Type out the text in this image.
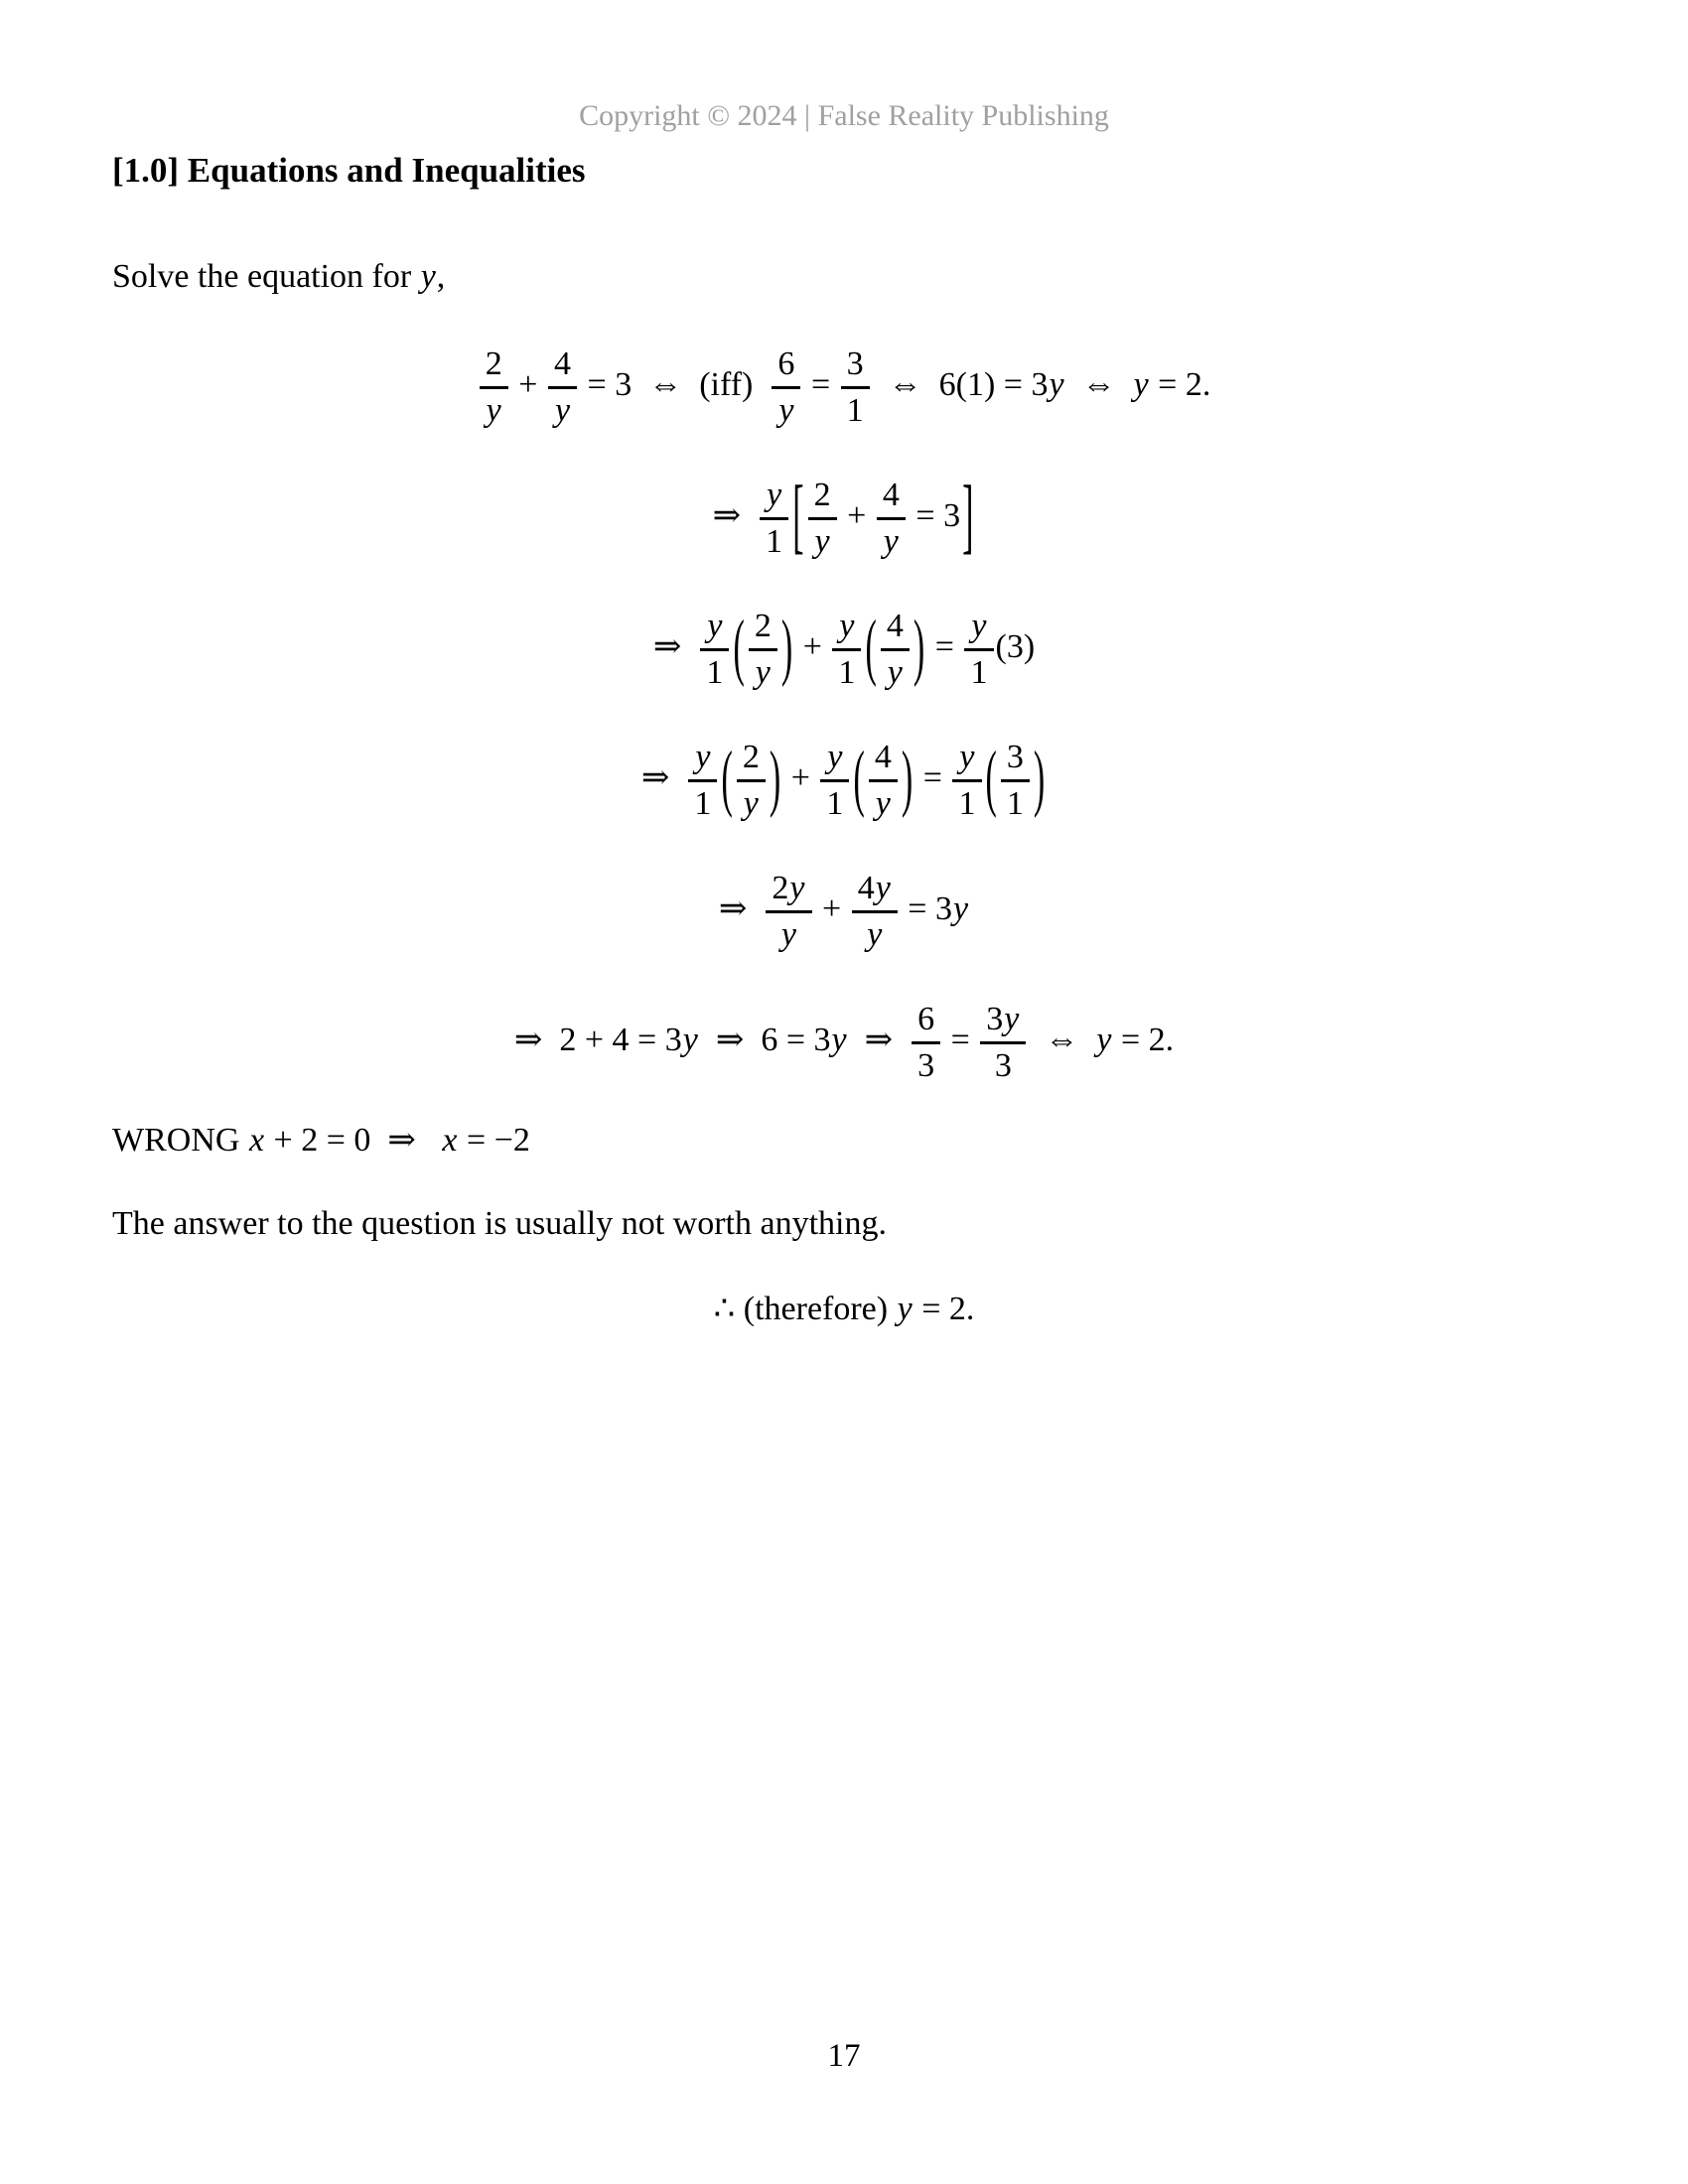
Copyright © 2024 | False Reality Publishing
[1.0] Equations and Inequalities

Solve the equation for y,

$\frac{2}{y} + \frac{4}{y} = 3$  ⇔  (iff)  $\frac{6}{y} = \frac{3}{1}$
  ⇔  6(1) = 3y  ⇔  y = 2.
⇒  $\frac{y}{1}$ [ $\frac{2}{y} + \frac{4}{y} = 3$]
⇒  $\frac{y}{1}$ ( $\frac{2}{y}$ ) + $\frac{y}{1}$ ( $\frac{4}{y}$ ) = $\frac{y}{1} (3)$
⇒  $\frac{y}{1}$ ( $\frac{2}{y}$ ) + $\frac{y}{1}$ ( $\frac{4}{y}$ ) = $\frac{y}{1}$ ( $\frac{3}{1}$ )
⇒  $\frac{2y}{y} + \frac{4y}{y} = 3y$
⇒  2 + 4 = 3y  ⇒  6 = 3y  ⇒  $\frac{6}{3} = \frac{3y}{3}$
  ⇔  y = 2.

WRONG x + 2 = 0  ⇒  x = −2

The answer to the question is usually not worth anything.

∴ (therefore) y = 2.

17
